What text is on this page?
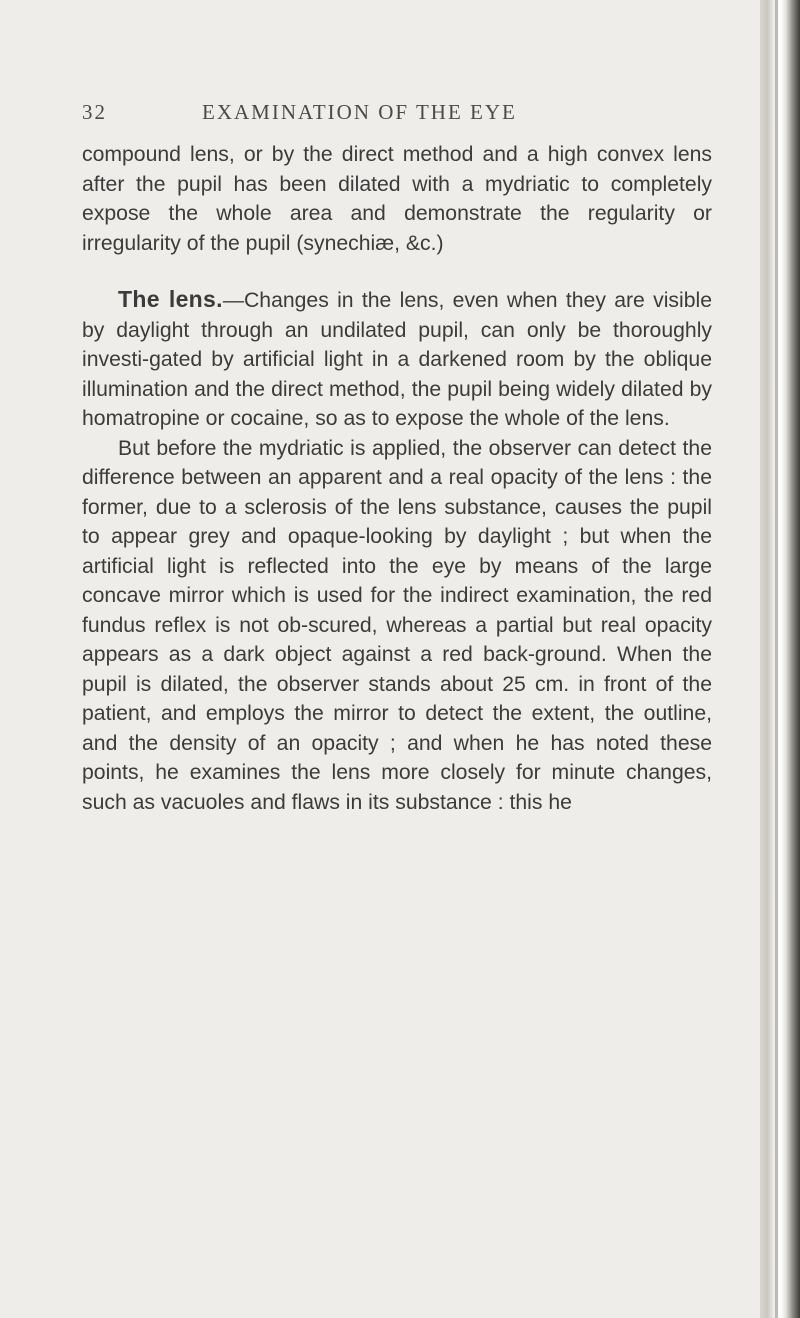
32	EXAMINATION OF THE EYE

compound lens, or by the direct method and a high convex lens after the pupil has been dilated with a mydriatic to completely expose the whole area and demonstrate the regularity or irregularity of the pupil (synechiæ, &c.)

The lens.—Changes in the lens, even when they are visible by daylight through an undilated pupil, can only be thoroughly investi-gated by artificial light in a darkened room by the oblique illumination and the direct method, the pupil being widely dilated by homatropine or cocaine, so as to expose the whole of the lens.

But before the mydriatic is applied, the observer can detect the difference between an apparent and a real opacity of the lens : the former, due to a sclerosis of the lens substance, causes the pupil to appear grey and opaque-looking by daylight ; but when the artificial light is reflected into the eye by means of the large concave mirror which is used for the indirect examination, the red fundus reflex is not ob-scured, whereas a partial but real opacity appears as a dark object against a red back-ground. When the pupil is dilated, the observer stands about 25 cm. in front of the patient, and employs the mirror to detect the extent, the outline, and the density of an opacity ; and when he has noted these points, he examines the lens more closely for minute changes, such as vacuoles and flaws in its substance : this he
